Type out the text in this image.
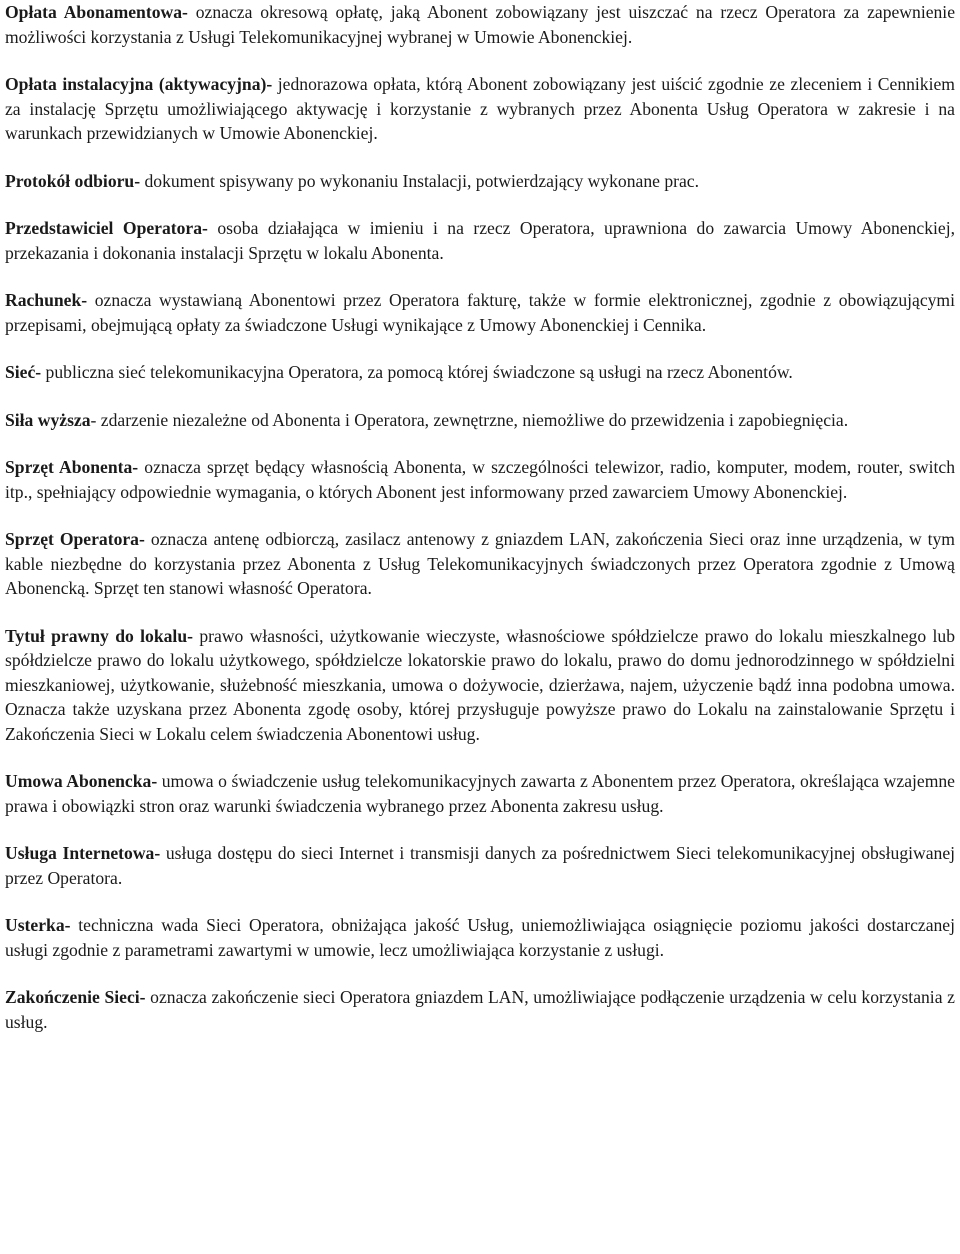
Opłata Abonamentowa- oznacza okresową opłatę, jaką Abonent zobowiązany jest uiszczać na rzecz Operatora za zapewnienie możliwości korzystania z Usługi Telekomunikacyjnej wybranej w Umowie Abonenckiej.

Opłata instalacyjna (aktywacyjna)- jednorazowa opłata, którą Abonent zobowiązany jest uiścić zgodnie ze zleceniem i Cennikiem za instalację Sprzętu umożliwiającego aktywację i korzystanie z wybranych przez Abonenta Usług Operatora w zakresie i na warunkach przewidzianych w Umowie Abonenckiej.

Protokół odbioru- dokument spisywany po wykonaniu Instalacji, potwierdzający wykonane prac.

Przedstawiciel Operatora- osoba działająca w imieniu i na rzecz Operatora, uprawniona do zawarcia Umowy Abonenckiej, przekazania i dokonania instalacji Sprzętu w lokalu Abonenta.

Rachunek- oznacza wystawianą Abonentowi przez Operatora fakturę, także w formie elektronicznej, zgodnie z obowiązującymi przepisami, obejmującą opłaty za świadczone Usługi wynikające z Umowy Abonenckiej i Cennika.

Sieć- publiczna sieć telekomunikacyjna Operatora, za pomocą której świadczone są usługi na rzecz Abonentów.

Siła wyższa- zdarzenie niezależne od Abonenta i Operatora, zewnętrzne, niemożliwe do przewidzenia i zapobiegnięcia.

Sprzęt Abonenta- oznacza sprzęt będący własnością Abonenta, w szczególności telewizor, radio, komputer, modem, router, switch itp., spełniający odpowiednie wymagania, o których Abonent jest informowany przed zawarciem Umowy Abonenckiej.

Sprzęt Operatora- oznacza antenę odbiorczą, zasilacz antenowy z gniazdem LAN, zakończenia Sieci oraz inne urządzenia, w tym kable niezbędne do korzystania przez Abonenta z Usług Telekomunikacyjnych świadczonych przez Operatora zgodnie z Umową Abonencką. Sprzęt ten stanowi własność Operatora.

Tytuł prawny do lokalu- prawo własności, użytkowanie wieczyste, własnościowe spółdzielcze prawo do lokalu mieszkalnego lub spółdzielcze prawo do lokalu użytkowego, spółdzielcze lokatorskie prawo do lokalu, prawo do domu jednorodzinnego w spółdzielni mieszkaniowej, użytkowanie, służebność mieszkania, umowa o dożywocie, dzierżawa, najem, użyczenie bądź inna podobna umowa. Oznacza także uzyskana przez Abonenta zgodę osoby, której przysługuje powyższe prawo do Lokalu na zainstalowanie Sprzętu i Zakończenia Sieci w Lokalu celem świadczenia Abonentowi usług.

Umowa Abonencka- umowa o świadczenie usług telekomunikacyjnych zawarta z Abonentem przez Operatora, określająca wzajemne prawa i obowiązki stron oraz warunki świadczenia wybranego przez Abonenta zakresu usług.

Usługa Internetowa- usługa dostępu do sieci Internet i transmisji danych za pośrednictwem Sieci telekomunikacyjnej obsługiwanej przez Operatora.

Usterka- techniczna wada Sieci Operatora, obniżająca jakość Usług, uniemożliwiająca osiągnięcie poziomu jakości dostarczanej usługi zgodnie z parametrami zawartymi w umowie, lecz umożliwiająca korzystanie z usługi.

Zakończenie Sieci- oznacza zakończenie sieci Operatora gniazdem LAN, umożliwiające podłączenie urządzenia w celu korzystania z usług.
